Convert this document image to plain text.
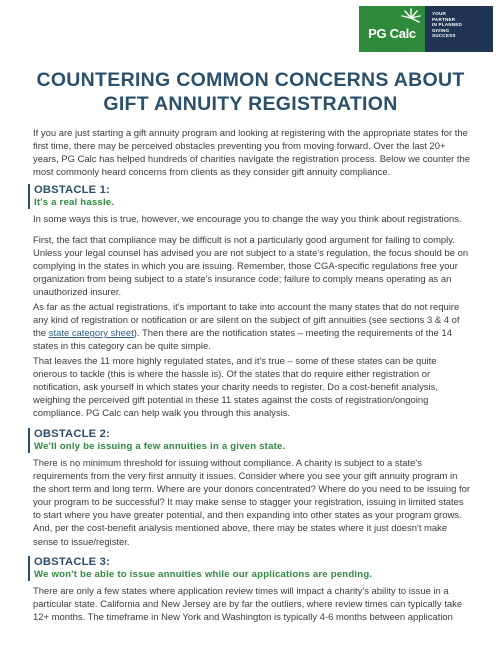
PG Calc
YOUR
PARTNER
IN PLANNED
GIVING
SUCCESS
COUNTERING COMMON CONCERNS ABOUT
GIFT ANNUITY REGISTRATION

If you are just starting a gift annuity program and looking at registering with the appropriate states for the first time, there may be perceived obstacles preventing you from moving forward. Over the last 20+ years, PG Calc has helped hundreds of charities navigate the registration process. Below we counter the most commonly heard concerns from clients as they consider gift annuity compliance.

OBSTACLE 1:
It's a real hassle.

In some ways this is true, however, we encourage you to change the way you think about registrations.

First, the fact that compliance may be difficult is not a particularly good argument for failing to comply. Unless your legal counsel has advised you are not subject to a state's regulation, the focus should be on complying in the states in which you are issuing. Remember, those CGA-specific regulations free your organization from being subject to a state's insurance code; failure to comply means operating as an unauthorized insurer.

As far as the actual registrations, it's important to take into account the many states that do not require any kind of registration or notification or are silent on the subject of gift annuities (see sections 3 & 4 of the state category sheet). Then there are the notification states – meeting the requirements of the 14 states in this category can be quite simple.

That leaves the 11 more highly regulated states, and it's true – some of these states can be quite onerous to tackle (this is where the hassle is). Of the states that do require either registration or notification, ask yourself in which states your charity needs to register. Do a cost-benefit analysis, weighing the perceived gift potential in these 11 states against the costs of registration/ongoing compliance. PG Calc can help walk you through this analysis.

OBSTACLE 2:
We'll only be issuing a few annuities in a given state.

There is no minimum threshold for issuing without compliance. A charity is subject to a state's requirements from the very first annuity it issues. Consider where you see your gift annuity program in the short term and long term. Where are your donors concentrated? Where do you need to be issuing for your program to be successful? It may make sense to stagger your registration, issuing in limited states to start where you have greater potential, and then expanding into other states as your program grows. And, per the cost-benefit analysis mentioned above, there may be states where it just doesn't make sense to issue/register.

OBSTACLE 3:
We won't be able to issue annuities while our applications are pending.

There are only a few states where application review times will impact a charity's ability to issue in a particular state. California and New Jersey are by far the outliers, where review times can typically take 12+ months. The timeframe in New York and Washington is typically 4-6 months between application
